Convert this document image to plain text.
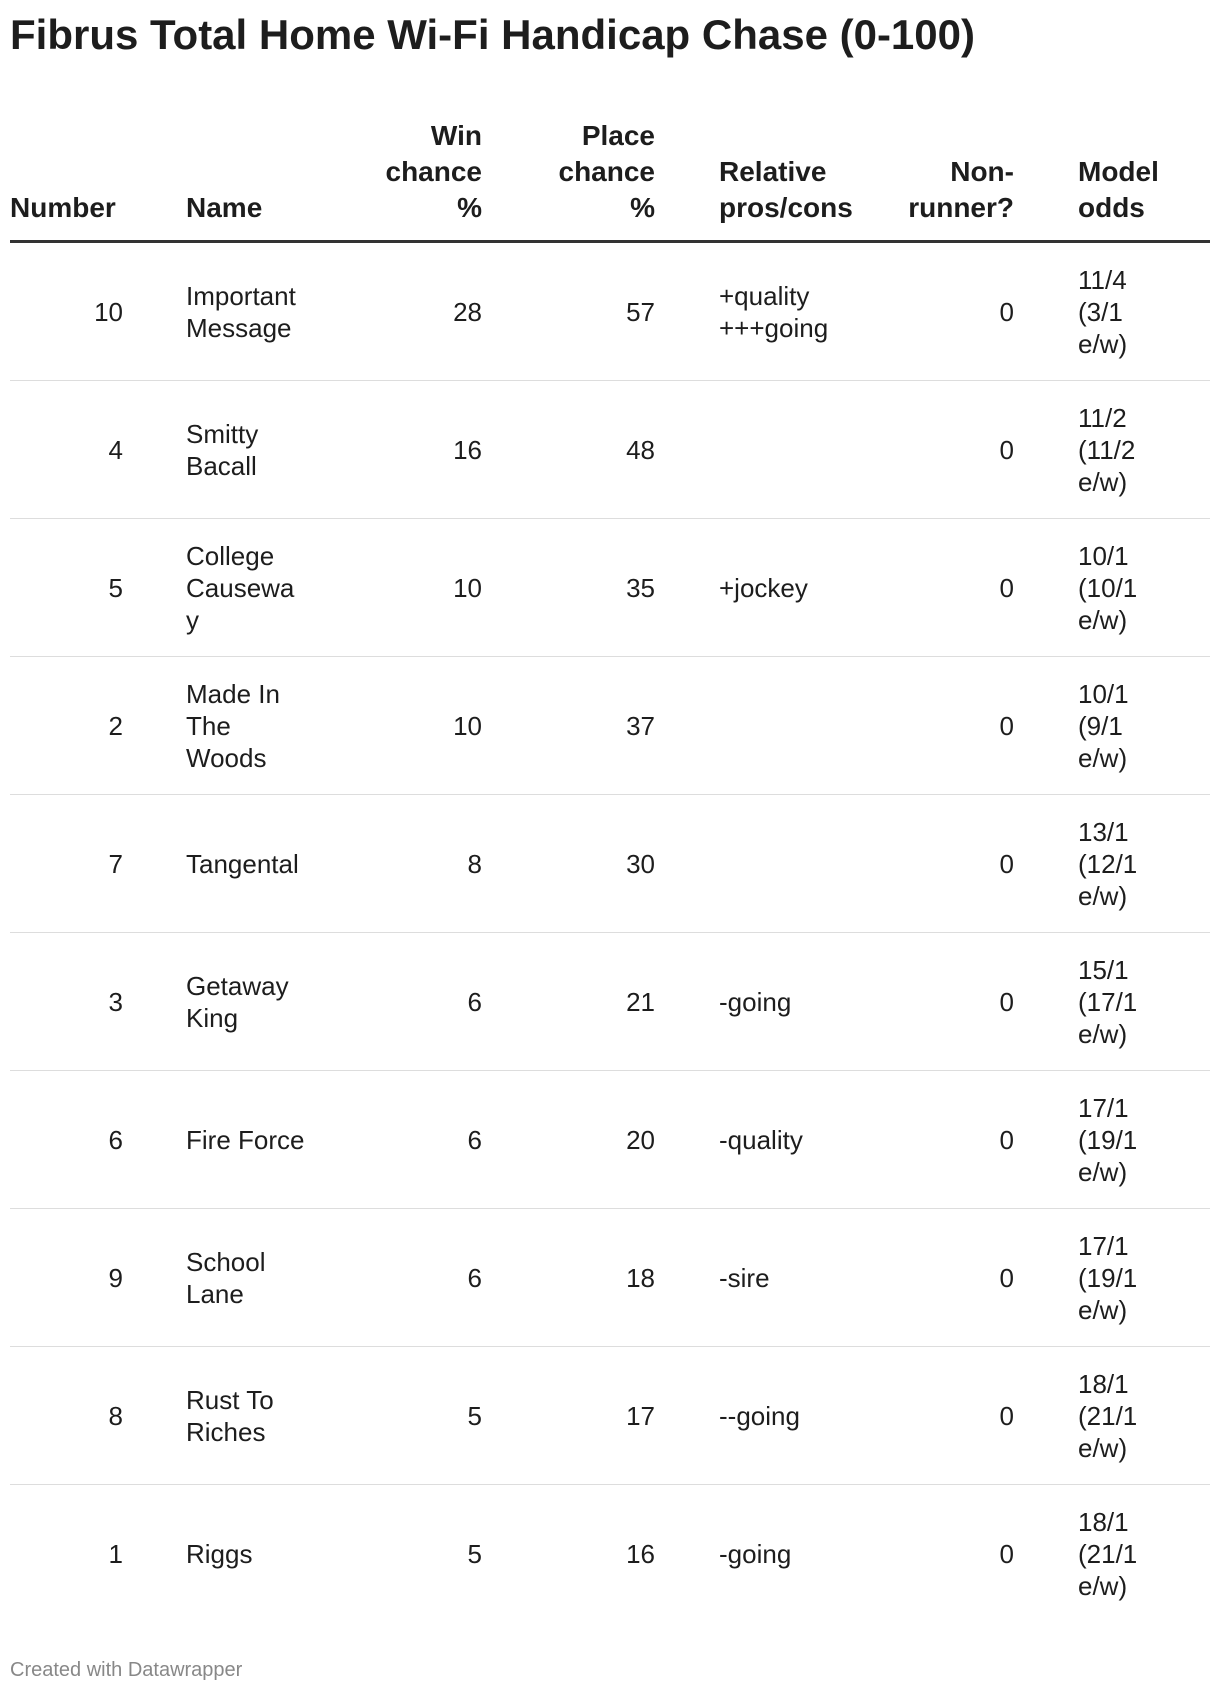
Fibrus Total Home Wi-Fi Handicap Chase (0-100)
Number	Name	Win chance %	Place chance %	Relative pros/cons	Non-runner?	Model odds

10	Important Message	28	57	+quality +++going	0	11/4 (3/1 e/w)

4	Smitty Bacall	16	48		0	11/2 (11/2 e/w)

5	College Causeway	10	35	+jockey	0	10/1 (10/1 e/w)

2	Made In The Woods	10	37		0	10/1 (9/1 e/w)

7	Tangental	8	30		0	13/1 (12/1 e/w)

3	Getaway King	6	21	-going	0	15/1 (17/1 e/w)

6	Fire Force	6	20	-quality	0	17/1 (19/1 e/w)

9	School Lane	6	18	-sire	0	17/1 (19/1 e/w)

8	Rust To Riches	5	17	--going	0	18/1 (21/1 e/w)

1	Riggs	5	16	-going	0	18/1 (21/1 e/w)
Created with Datawrapper
